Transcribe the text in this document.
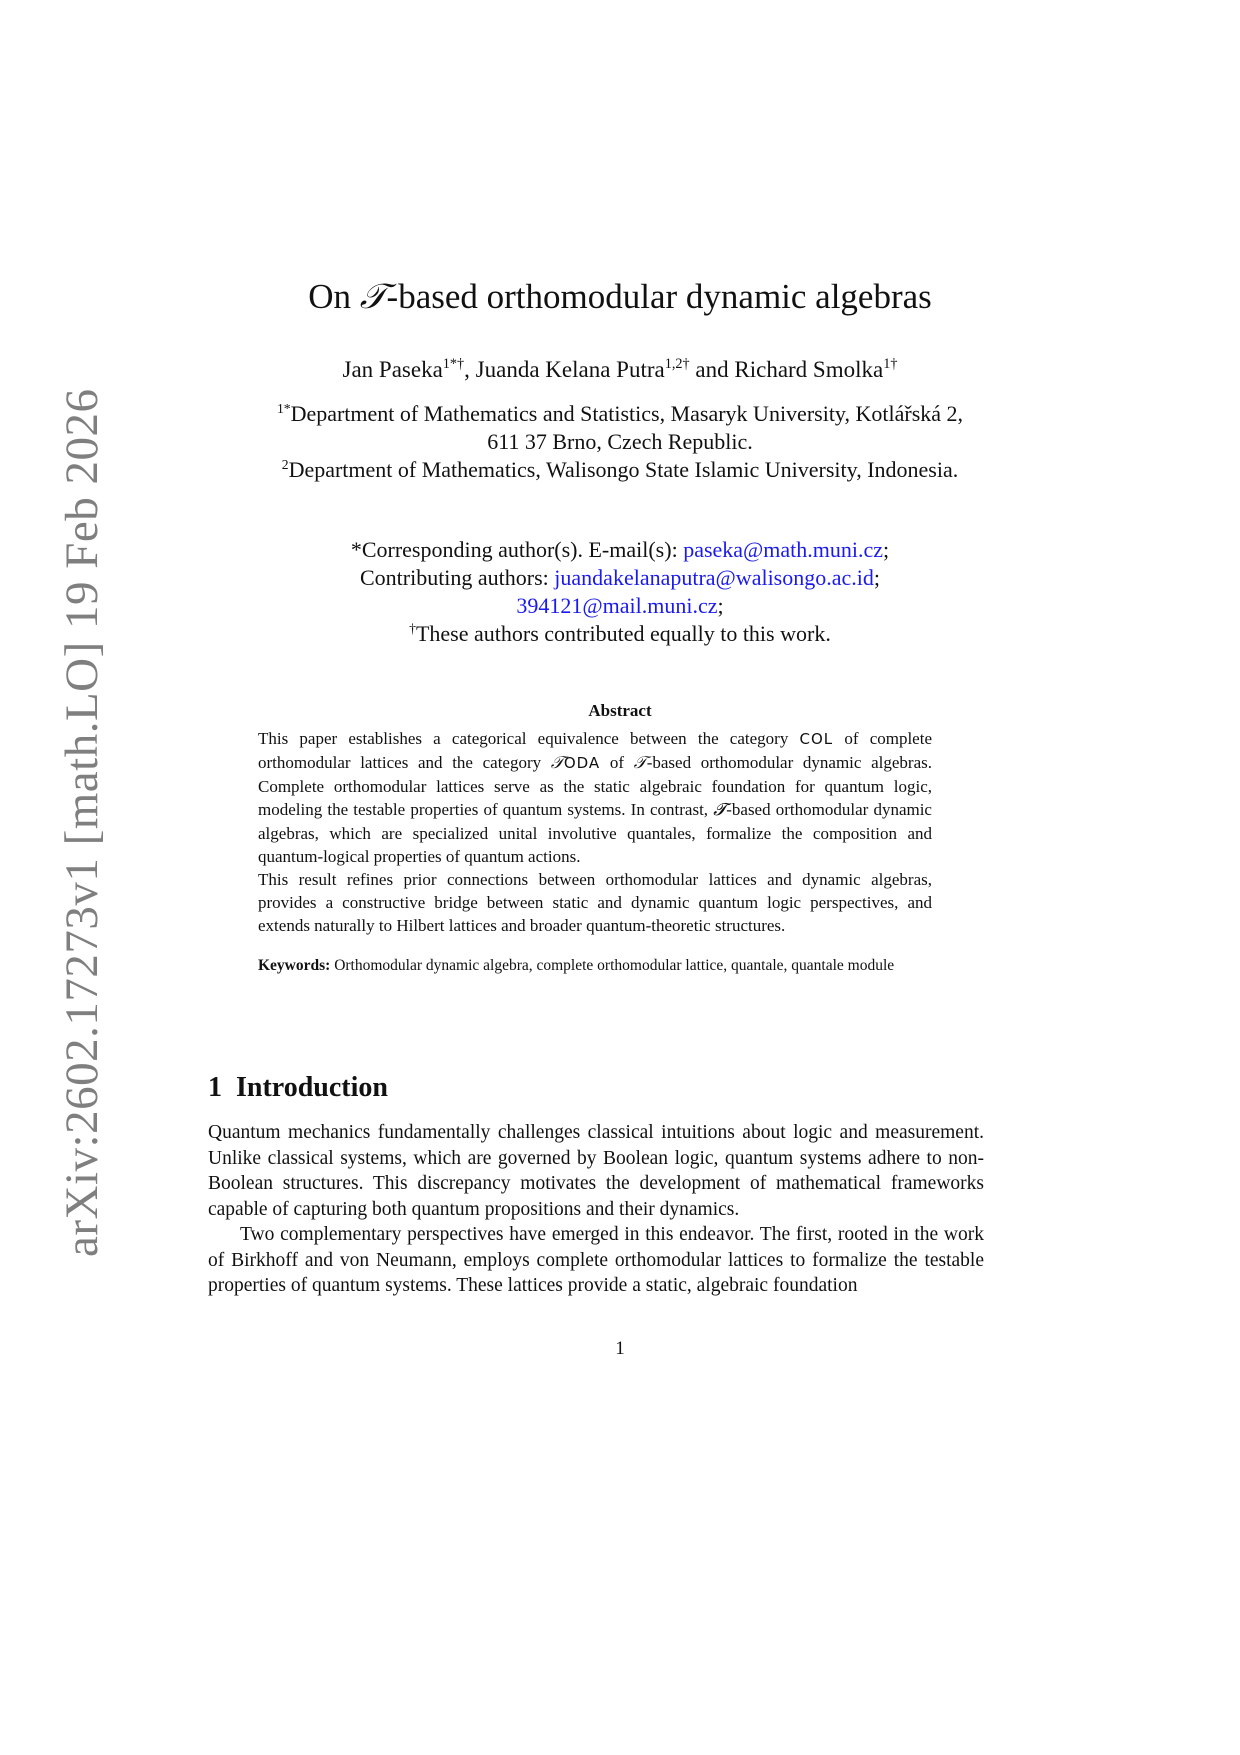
arXiv:2602.17273v1 [math.LO] 19 Feb 2026
On 𝒯-based orthomodular dynamic algebras
Jan Paseka$^{1*\dagger}$, Juanda Kelana Putra$^{1,2\dagger}$ and Richard Smolka$^{1\dagger}$
$^{1*}$Department of Mathematics and Statistics, Masaryk University, Kotlářská 2,
611 37 Brno, Czech Republic.
$^2$Department of Mathematics, Walisongo State Islamic University, Indonesia.
*Corresponding author(s). E-mail(s): paseka@math.muni.cz;
Contributing authors: juandakelanaputra@walisongo.ac.id;
394121@mail.muni.cz;
†These authors contributed equally to this work.
Abstract

This paper establishes a categorical equivalence between the category COL of complete orthomodular lattices and the category 𝒯ODA of 𝒯-based orthomodular dynamic algebras. Complete orthomodular lattices serve as the static algebraic foundation for quantum logic, modeling the testable properties of quantum systems. In contrast, 𝓣-based orthomodular dynamic algebras, which are specialized unital involutive quantales, formalize the composition and quantum-logical properties of quantum actions.

This result refines prior connections between orthomodular lattices and dynamic algebras, provides a constructive bridge between static and dynamic quantum logic perspectives, and extends naturally to Hilbert lattices and broader quantum-theoretic structures.

Keywords: Orthomodular dynamic algebra, complete orthomodular lattice, quantale, quantale module
1 Introduction

Quantum mechanics fundamentally challenges classical intuitions about logic and measurement. Unlike classical systems, which are governed by Boolean logic, quantum systems adhere to non-Boolean structures. This discrepancy motivates the development of mathematical frameworks capable of capturing both quantum propositions and their dynamics.

Two complementary perspectives have emerged in this endeavor. The first, rooted in the work of Birkhoff and von Neumann, employs complete orthomodular lattices to formalize the testable properties of quantum systems. These lattices provide a static, algebraic foundation

1
